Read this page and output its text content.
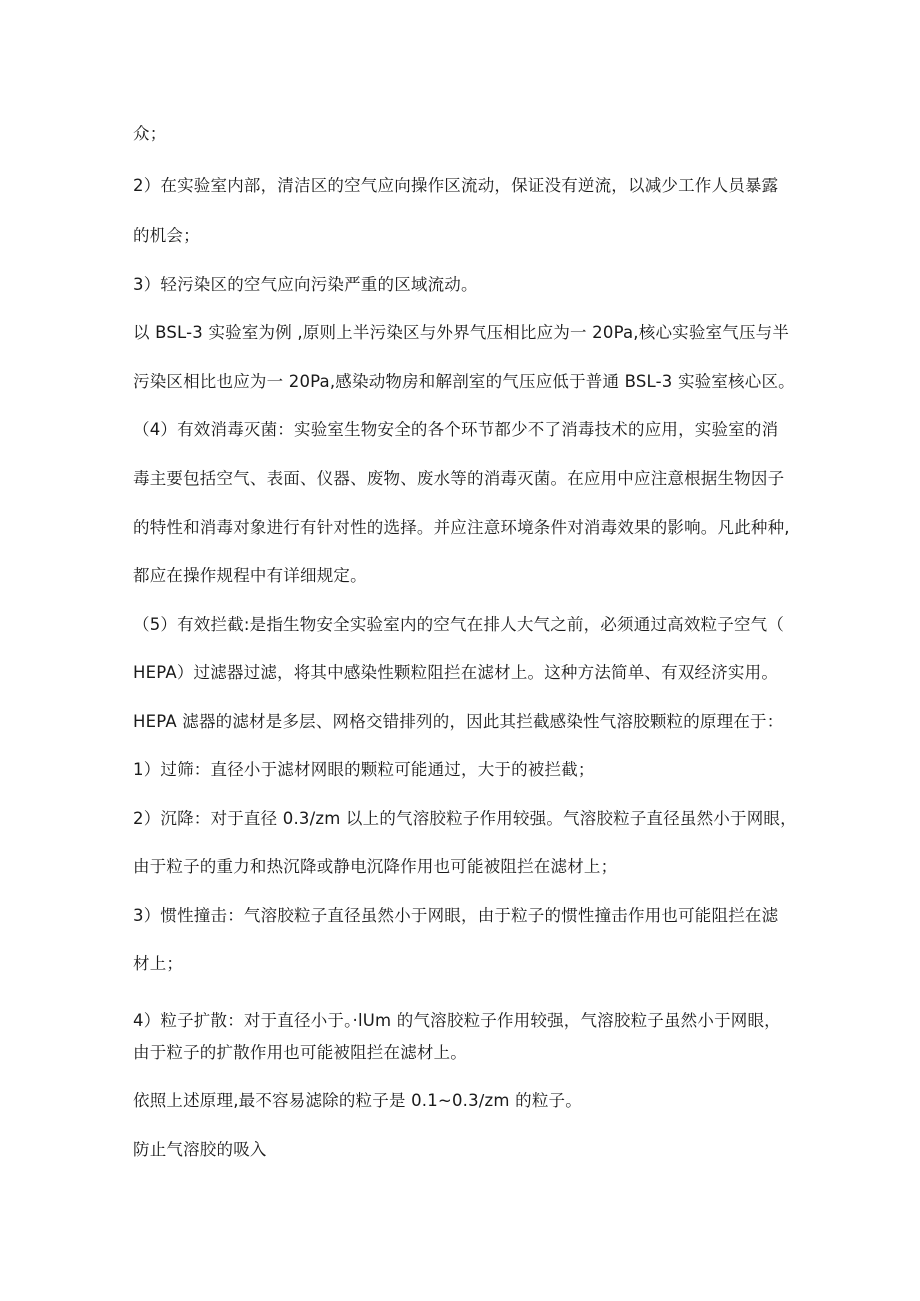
众；
2）在实验室内部，清洁区的空气应向操作区流动，保证没有逆流，以减少工作人员暴露
的机会；
3）轻污染区的空气应向污染严重的区域流动。
以 BSL-3 实验室为例 ,原则上半污染区与外界气压相比应为一 20Pa,核心实验室气压与半
污染区相比也应为一 20Pa,感染动物房和解剖室的气压应低于普通 BSL-3 实验室核心区。
（4）有效消毒灭菌：实验室生物安全的各个环节都少不了消毒技术的应用，实验室的消
毒主要包括空气、表面、仪器、废物、废水等的消毒灭菌。在应用中应注意根据生物因子
的特性和消毒对象进行有针对性的选择。并应注意环境条件对消毒效果的影响。凡此种种,
都应在操作规程中有详细规定。
（5）有效拦截:是指生物安全实验室内的空气在排人大气之前，必须通过高效粒子空气（
HEPA）过滤器过滤，将其中感染性颗粒阻拦在滤材上。这种方法简单、有双经济实用。
HEPA 滤器的滤材是多层、网格交错排列的，因此其拦截感染性气溶胶颗粒的原理在于：
1）过筛：直径小于滤材网眼的颗粒可能通过，大于的被拦截；
2）沉降：对于直径 0.3/zm 以上的气溶胶粒子作用较强。气溶胶粒子直径虽然小于网眼，
由于粒子的重力和热沉降或静电沉降作用也可能被阻拦在滤材上；
3）惯性撞击：气溶胶粒子直径虽然小于网眼，由于粒子的惯性撞击作用也可能阻拦在滤
材上；
4）粒子扩散：对于直径小于。·lUm 的气溶胶粒子作用较强，气溶胶粒子虽然小于网眼，
由于粒子的扩散作用也可能被阻拦在滤材上。
依照上述原理,最不容易滤除的粒子是 0.1~0.3∕zm 的粒子。
防止气溶胶的吸入
